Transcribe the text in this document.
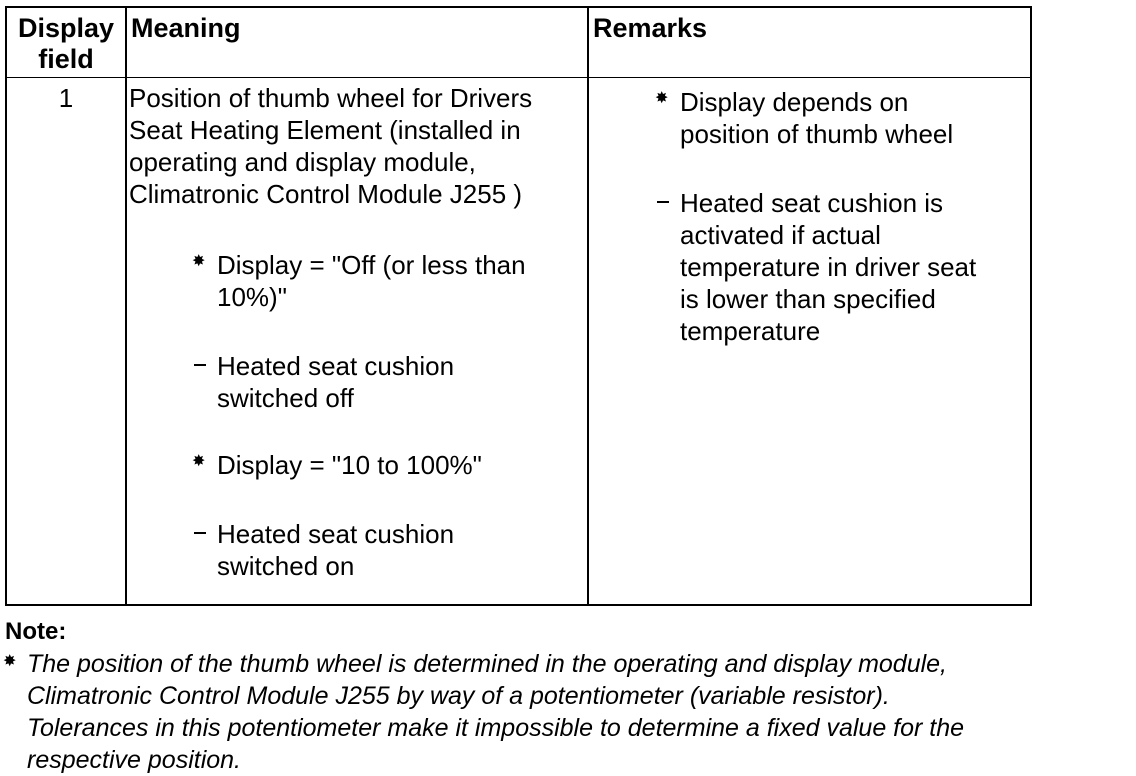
Display
field
Meaning	Remarks
1	Position of thumb wheel for Drivers
Seat Heating Element (installed in
operating and display module,
Climatronic Control Module J255 )
✸ Display = "Off (or less than
10%)"
Heated seat cushion
switched off
✸ Display = "10 to 100%"
Heated seat cushion
switched on
✸ Display depends on
position of thumb wheel
Heated seat cushion is
activated if actual
temperature in driver seat
is lower than specified
temperature
Note:
✸ The position of the thumb wheel is determined in the operating and display module,
Climatronic Control Module J255 by way of a potentiometer (variable resistor).
Tolerances in this potentiometer make it impossible to determine a fixed value for the
respective position.
